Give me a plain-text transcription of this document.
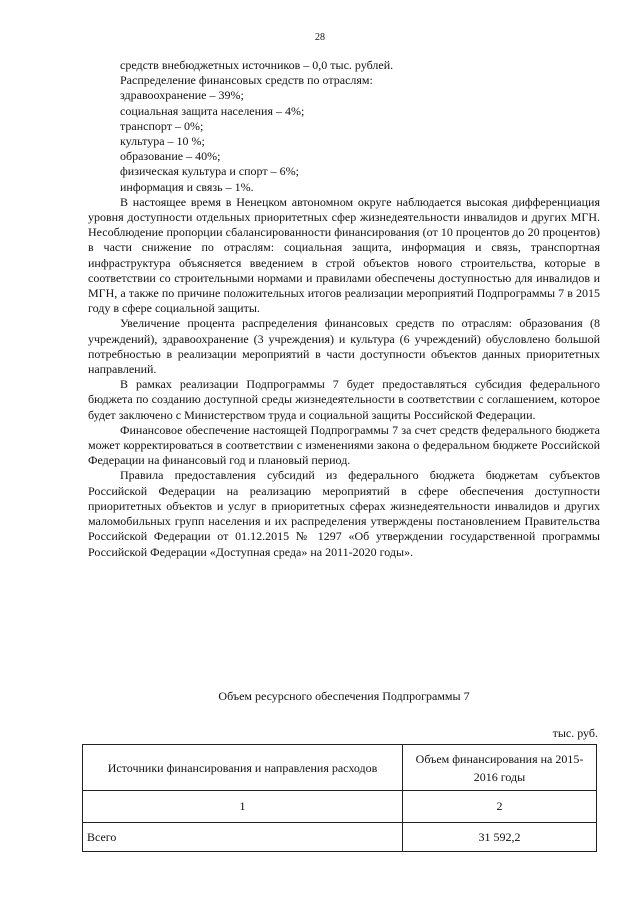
28

средств внебюджетных источников – 0,0 тыс. рублей.

Распределение финансовых средств по отраслям:

здравоохранение – 39%;

социальная защита населения – 4%;

транспорт – 0%;

культура – 10 %;

образование – 40%;

физическая культура и спорт – 6%;

информация и связь – 1%.

В настоящее время в Ненецком автономном округе наблюдается высокая дифференциация уровня доступности отдельных приоритетных сфер жизнедеятельности инвалидов и других МГН. Несоблюдение пропорции сбалансированности финансирования (от 10 процентов до 20 процентов) в части снижение по отраслям: социальная защита, информация и связь, транспортная инфраструктура объясняется введением в строй объектов нового строительства, которые в соответствии со строительными нормами и правилами обеспечены доступностью для инвалидов и МГН, а также по причине положительных итогов реализации мероприятий Подпрограммы 7 в 2015 году в сфере социальной защиты.

Увеличение процента распределения финансовых средств по отраслям: образования (8 учреждений), здравоохранение (3 учреждения) и культура (6 учреждений) обусловлено большой потребностью в реализации мероприятий в части доступности объектов данных приоритетных направлений.

В рамках реализации Подпрограммы 7 будет предоставляться субсидия федерального бюджета по созданию доступной среды жизнедеятельности в соответствии с соглашением, которое будет заключено с Министерством труда и социальной защиты Российской Федерации.

Финансовое обеспечение настоящей Подпрограммы 7 за счет средств федерального бюджета может корректироваться в соответствии с изменениями закона о федеральном бюджете Российской Федерации на финансовый год и плановый период.

Правила предоставления субсидий из федерального бюджета бюджетам субъектов Российской Федерации на реализацию мероприятий в сфере обеспечения доступности приоритетных объектов и услуг в приоритетных сферах жизнедеятельности инвалидов и других маломобильных групп населения и их распределения утверждены постановлением Правительства Российской Федерации от 01.12.2015 № 1297 «Об утверждении государственной программы Российской Федерации «Доступная среда» на 2011-2020 годы».

Объем ресурсного обеспечения Подпрограммы 7
тыс. руб.
Источники финансирования и направления расходов	Объем финансирования на 2015- 2016 годы
1	2
Всего	31 592,2
